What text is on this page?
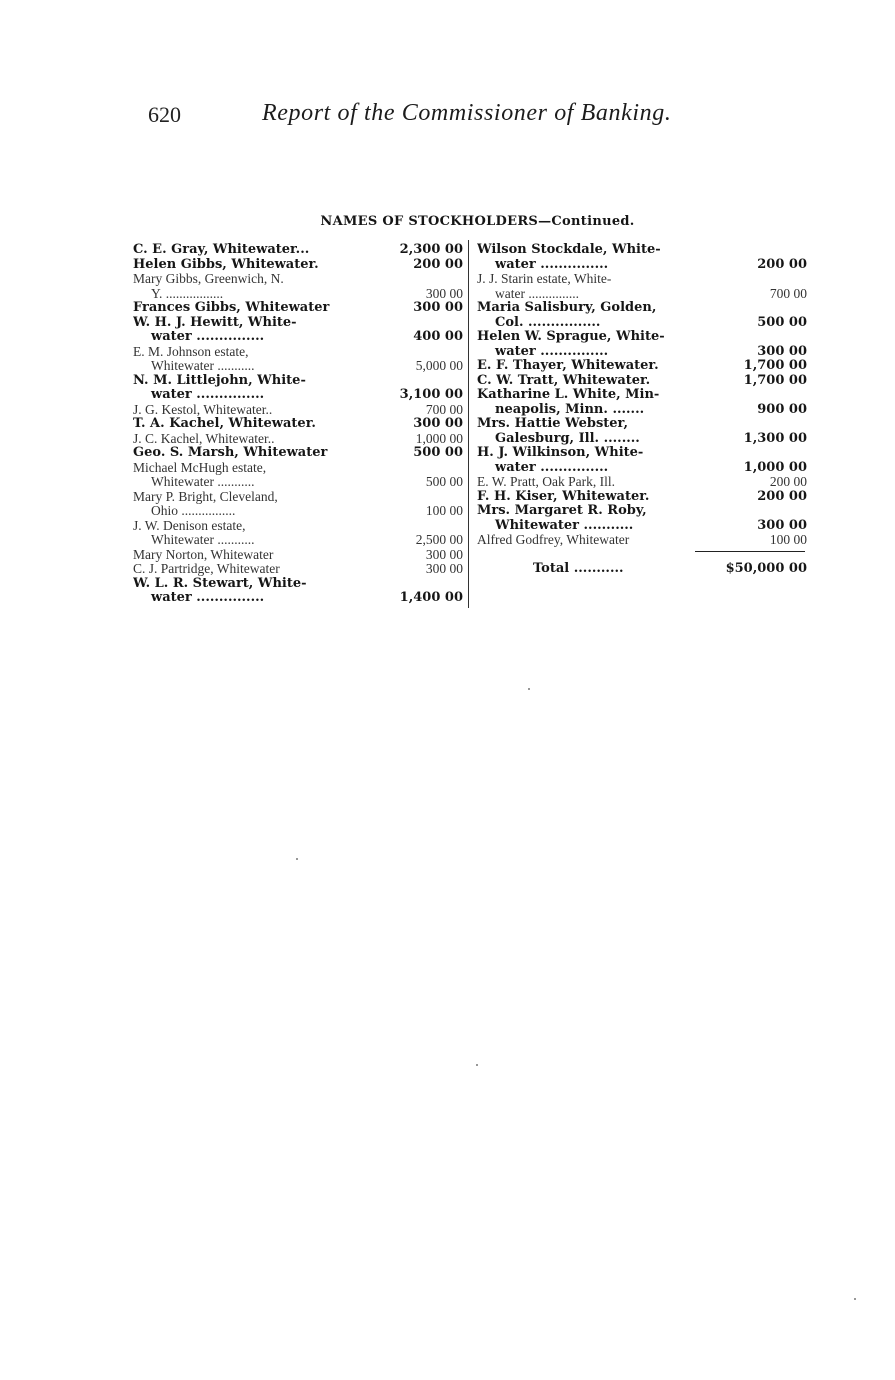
620	Report of the Commissioner of Banking.
NAMES OF STOCKHOLDERS—Continued.
C. E. Gray, Whitewater...	2,300 00
Helen Gibbs, Whitewater.	200 00
Mary Gibbs, Greenwich, N.
Y. .................	300 00
Frances Gibbs, Whitewater	300 00
W. H. J. Hewitt, White-
water ...............	400 00
E. M. Johnson estate,
Whitewater ...........	5,000 00
N. M. Littlejohn, White-
water ...............	3,100 00
J. G. Kestol, Whitewater..	700 00
T. A. Kachel, Whitewater.	300 00
J. C. Kachel, Whitewater..	1,000 00
Geo. S. Marsh, Whitewater	500 00
Michael McHugh estate,
Whitewater ...........	500 00
Mary P. Bright, Cleveland,
Ohio ................	100 00
J. W. Denison estate,
Whitewater ...........	2,500 00
Mary Norton, Whitewater	300 00
C. J. Partridge, Whitewater	300 00
W. L. R. Stewart, White-
water ...............	1,400 00
Wilson Stockdale, White-
water ...............	200 00
J. J. Starin estate, White-
water ...............	700 00
Maria Salisbury, Golden,
Col. ................	500 00
Helen W. Sprague, White-
water ...............	300 00
E. F. Thayer, Whitewater.	1,700 00
C. W. Tratt, Whitewater.	1,700 00
Katharine L. White, Min-
neapolis, Minn. .......	900 00
Mrs. Hattie Webster,
Galesburg, Ill. ........	1,300 00
H. J. Wilkinson, White-
water ...............	1,000 00
E. W. Pratt, Oak Park, Ill.	200 00
F. H. Kiser, Whitewater.	200 00
Mrs. Margaret R. Roby,
Whitewater ...........	300 00
Alfred Godfrey, Whitewater	100 00
Total ...........	$50,000 00
